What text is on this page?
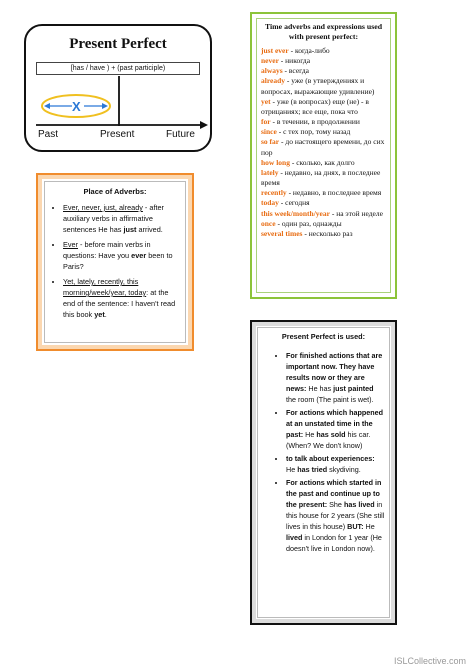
Present Perfect
[has / have ) + (past participle)
X
Past	Present	Future
Place of Adverbs:
• Ever, never, just, already - after auxiliary verbs in affirmative sentences He has just arrived.
• Ever - before main verbs in questions: Have you ever been to Paris?
• Yet, lately, recently, this morning/week/year, today: at the end of the sentence: I haven't read this book yet.
Time adverbs and expressions used with present perfect:
just ever - когда-либо
never - никогда
always - всегда
already - уже (в утверждениях и вопросах, выражающие удивление)
yet - уже (в вопросах) еще (не) - в отрицаниях; все еще, пока что
for - в течении, в продолжении
since - с тех пор, тому назад
so far - до настоящего времени, до сих пор
how long - сколько, как долго
lately - недавно, на днях, в последнее время
recently - недавно, в последнее время
today - сегодня
this week/month/year - на этой неделе
once - один раз, однажды
several times - несколько раз
Present Perfect is used:
• For finished actions that are important now. They have results now or they are news: He has just painted the room (The paint is wet).
• For actions which happened at an unstated time in the past: He has sold his car. (When? We don't know)
• to talk about experiences: He has tried skydiving.
• For actions which started in the past and continue up to the present: She has lived in this house for 2 years (She still lives in this house) BUT: He lived in London for 1 year (He doesn't live in London now).
ISLCollective.com
